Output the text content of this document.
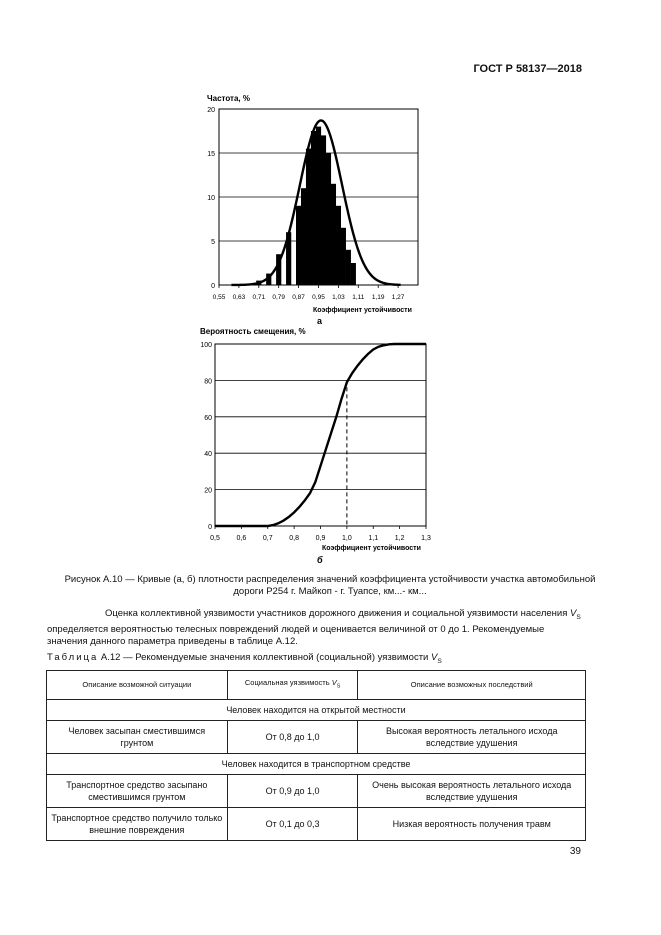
ГОСТ Р 58137—2018
Частота, %
0
5
10
15
20
0,55 0,63 0,71 0,79 0,87 0,95 1,03 1,11 1,19 1,27
Коэффициент устойчивости
а
Вероятность смещения, %
0
20
40
60
80
100
0,5 0,6 0,7 0,8 0,9 1,0 1,1 1,2 1,3
Коэффициент устойчивости
б
Рисунок А.10 — Кривые (а, б) плотности распределения значений коэффициента устойчивости участка автомобильной дороги Р254 г. Майкоп - г. Туапсе, км...- км...
Оценка коллективной уязвимости участников дорожного движения и социальной уязвимости населения $V_S$ определяется вероятностью телесных повреждений людей и оценивается величиной от 0 до 1. Рекомендуемые значения данного параметра приведены в таблице А.12.
Таблица А.12 — Рекомендуемые значения коллективной (социальной) уязвимости $V_S$
Описание возможной ситуации	Социальная уязвимость $V_S$	Описание возможных последствий
Человек находится на открытой местности		
Человек засыпан сместившимся грунтом	От 0,8 до 1,0	Высокая вероятность летального исхода вследствие удушения
Человек находится в транспортном средстве		
Транспортное средство засыпано сместившимся грунтом	От 0,9 до 1,0	Очень высокая вероятность летального исхода вследствие удушения
Транспортное средство получило только внешние повреждения	От 0,1 до 0,3	Низкая вероятность получения травм
39
